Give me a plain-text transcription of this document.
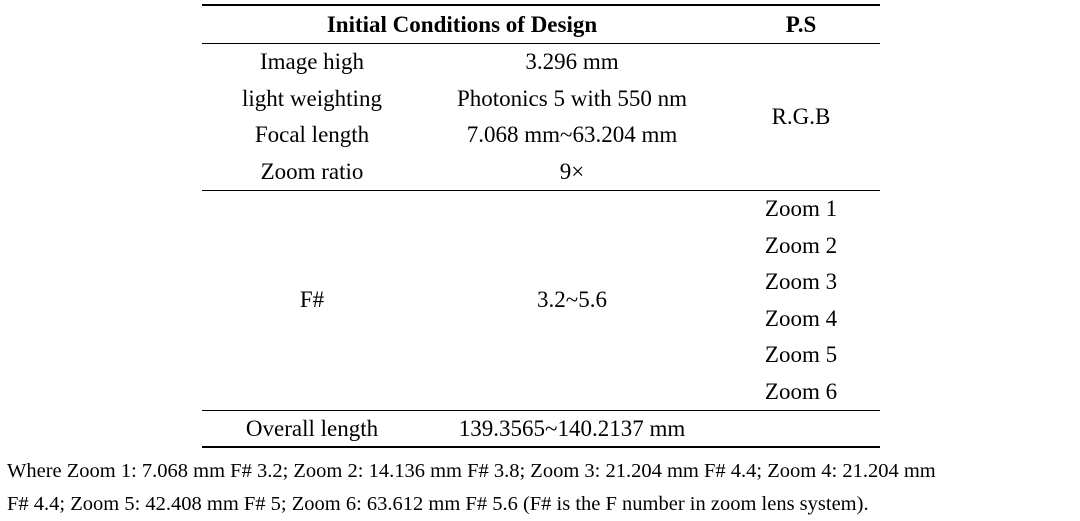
Initial Conditions of Design		P.S
Image high	3.296 mm	R.G.B
light weighting	Photonics 5 with 550 nm	
Focal length	7.068 mm~63.204 mm	
Zoom ratio	9×	
F#	3.2~5.6	Zoom 1
		Zoom 2
		Zoom 3
		Zoom 4
		Zoom 5
		Zoom 6
Overall length	139.3565~140.2137 mm	
Where Zoom 1: 7.068 mm F# 3.2; Zoom 2: 14.136 mm F# 3.8; Zoom 3: 21.204 mm F# 4.4; Zoom 4: 21.204 mm
F# 4.4; Zoom 5: 42.408 mm F# 5; Zoom 6: 63.612 mm F# 5.6 (F# is the F number in zoom lens system).
